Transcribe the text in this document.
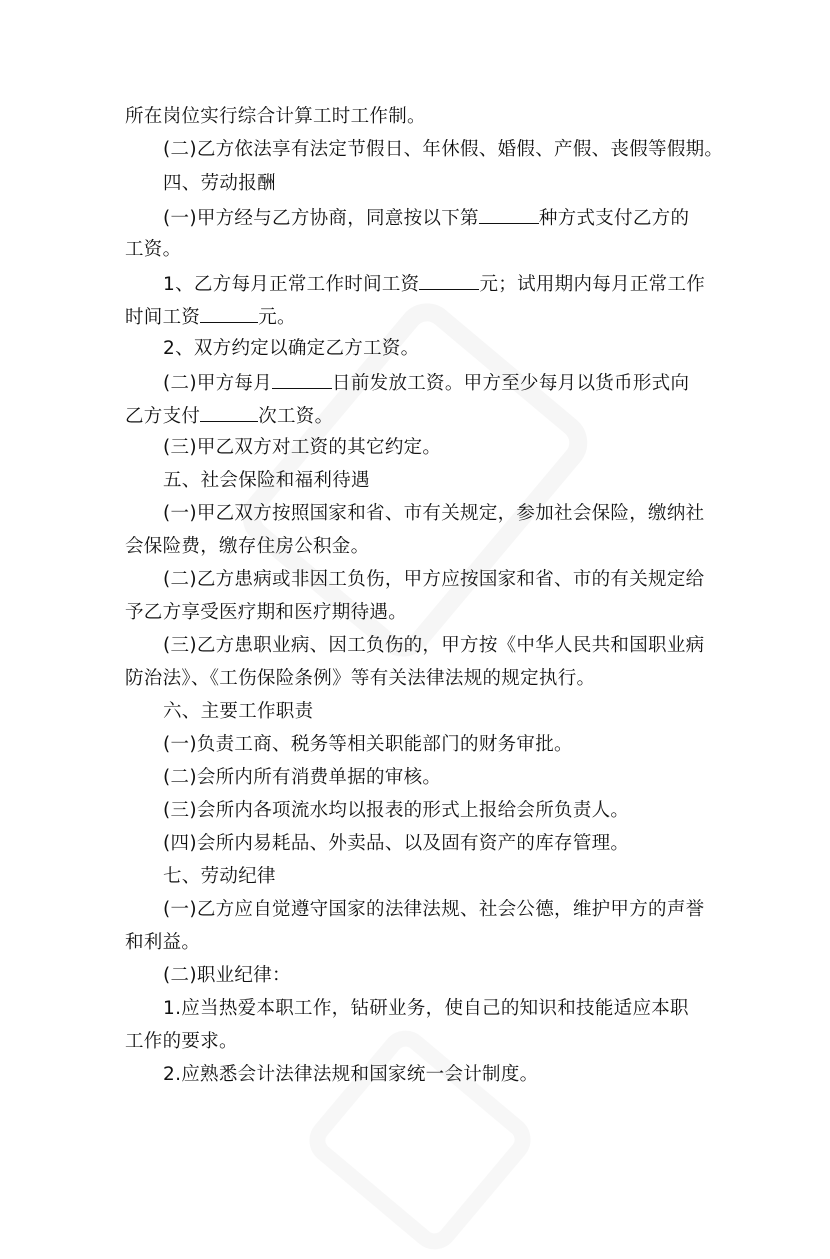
所在岗位实行综合计算工时工作制。
(二)乙方依法享有法定节假日、年休假、婚假、产假、丧假等假期。
四、劳动报酬
(一)甲方经与乙方协商，同意按以下第	种方式支付乙方的
工资。
1、乙方每月正常工作时间工资	元；试用期内每月正常工作
时间工资	元。
2、双方约定以确定乙方工资。
(二)甲方每月	日前发放工资。甲方至少每月以货币形式向
乙方支付	次工资。
(三)甲乙双方对工资的其它约定。
五、社会保险和福利待遇
(一)甲乙双方按照国家和省、市有关规定，参加社会保险，缴纳社
会保险费，缴存住房公积金。
(二)乙方患病或非因工负伤，甲方应按国家和省、市的有关规定给
予乙方享受医疗期和医疗期待遇。
(三)乙方患职业病、因工负伤的，甲方按《中华人民共和国职业病
防治法》、《工伤保险条例》等有关法律法规的规定执行。
六、主要工作职责
(一)负责工商、税务等相关职能部门的财务审批。
(二)会所内所有消费单据的审核。
(三)会所内各项流水均以报表的形式上报给会所负责人。
(四)会所内易耗品、外卖品、以及固有资产的库存管理。
七、劳动纪律
(一)乙方应自觉遵守国家的法律法规、社会公德，维护甲方的声誉
和利益。
(二)职业纪律：
1.应当热爱本职工作，钻研业务，使自己的知识和技能适应本职
工作的要求。
2.应熟悉会计法律法规和国家统一会计制度。
